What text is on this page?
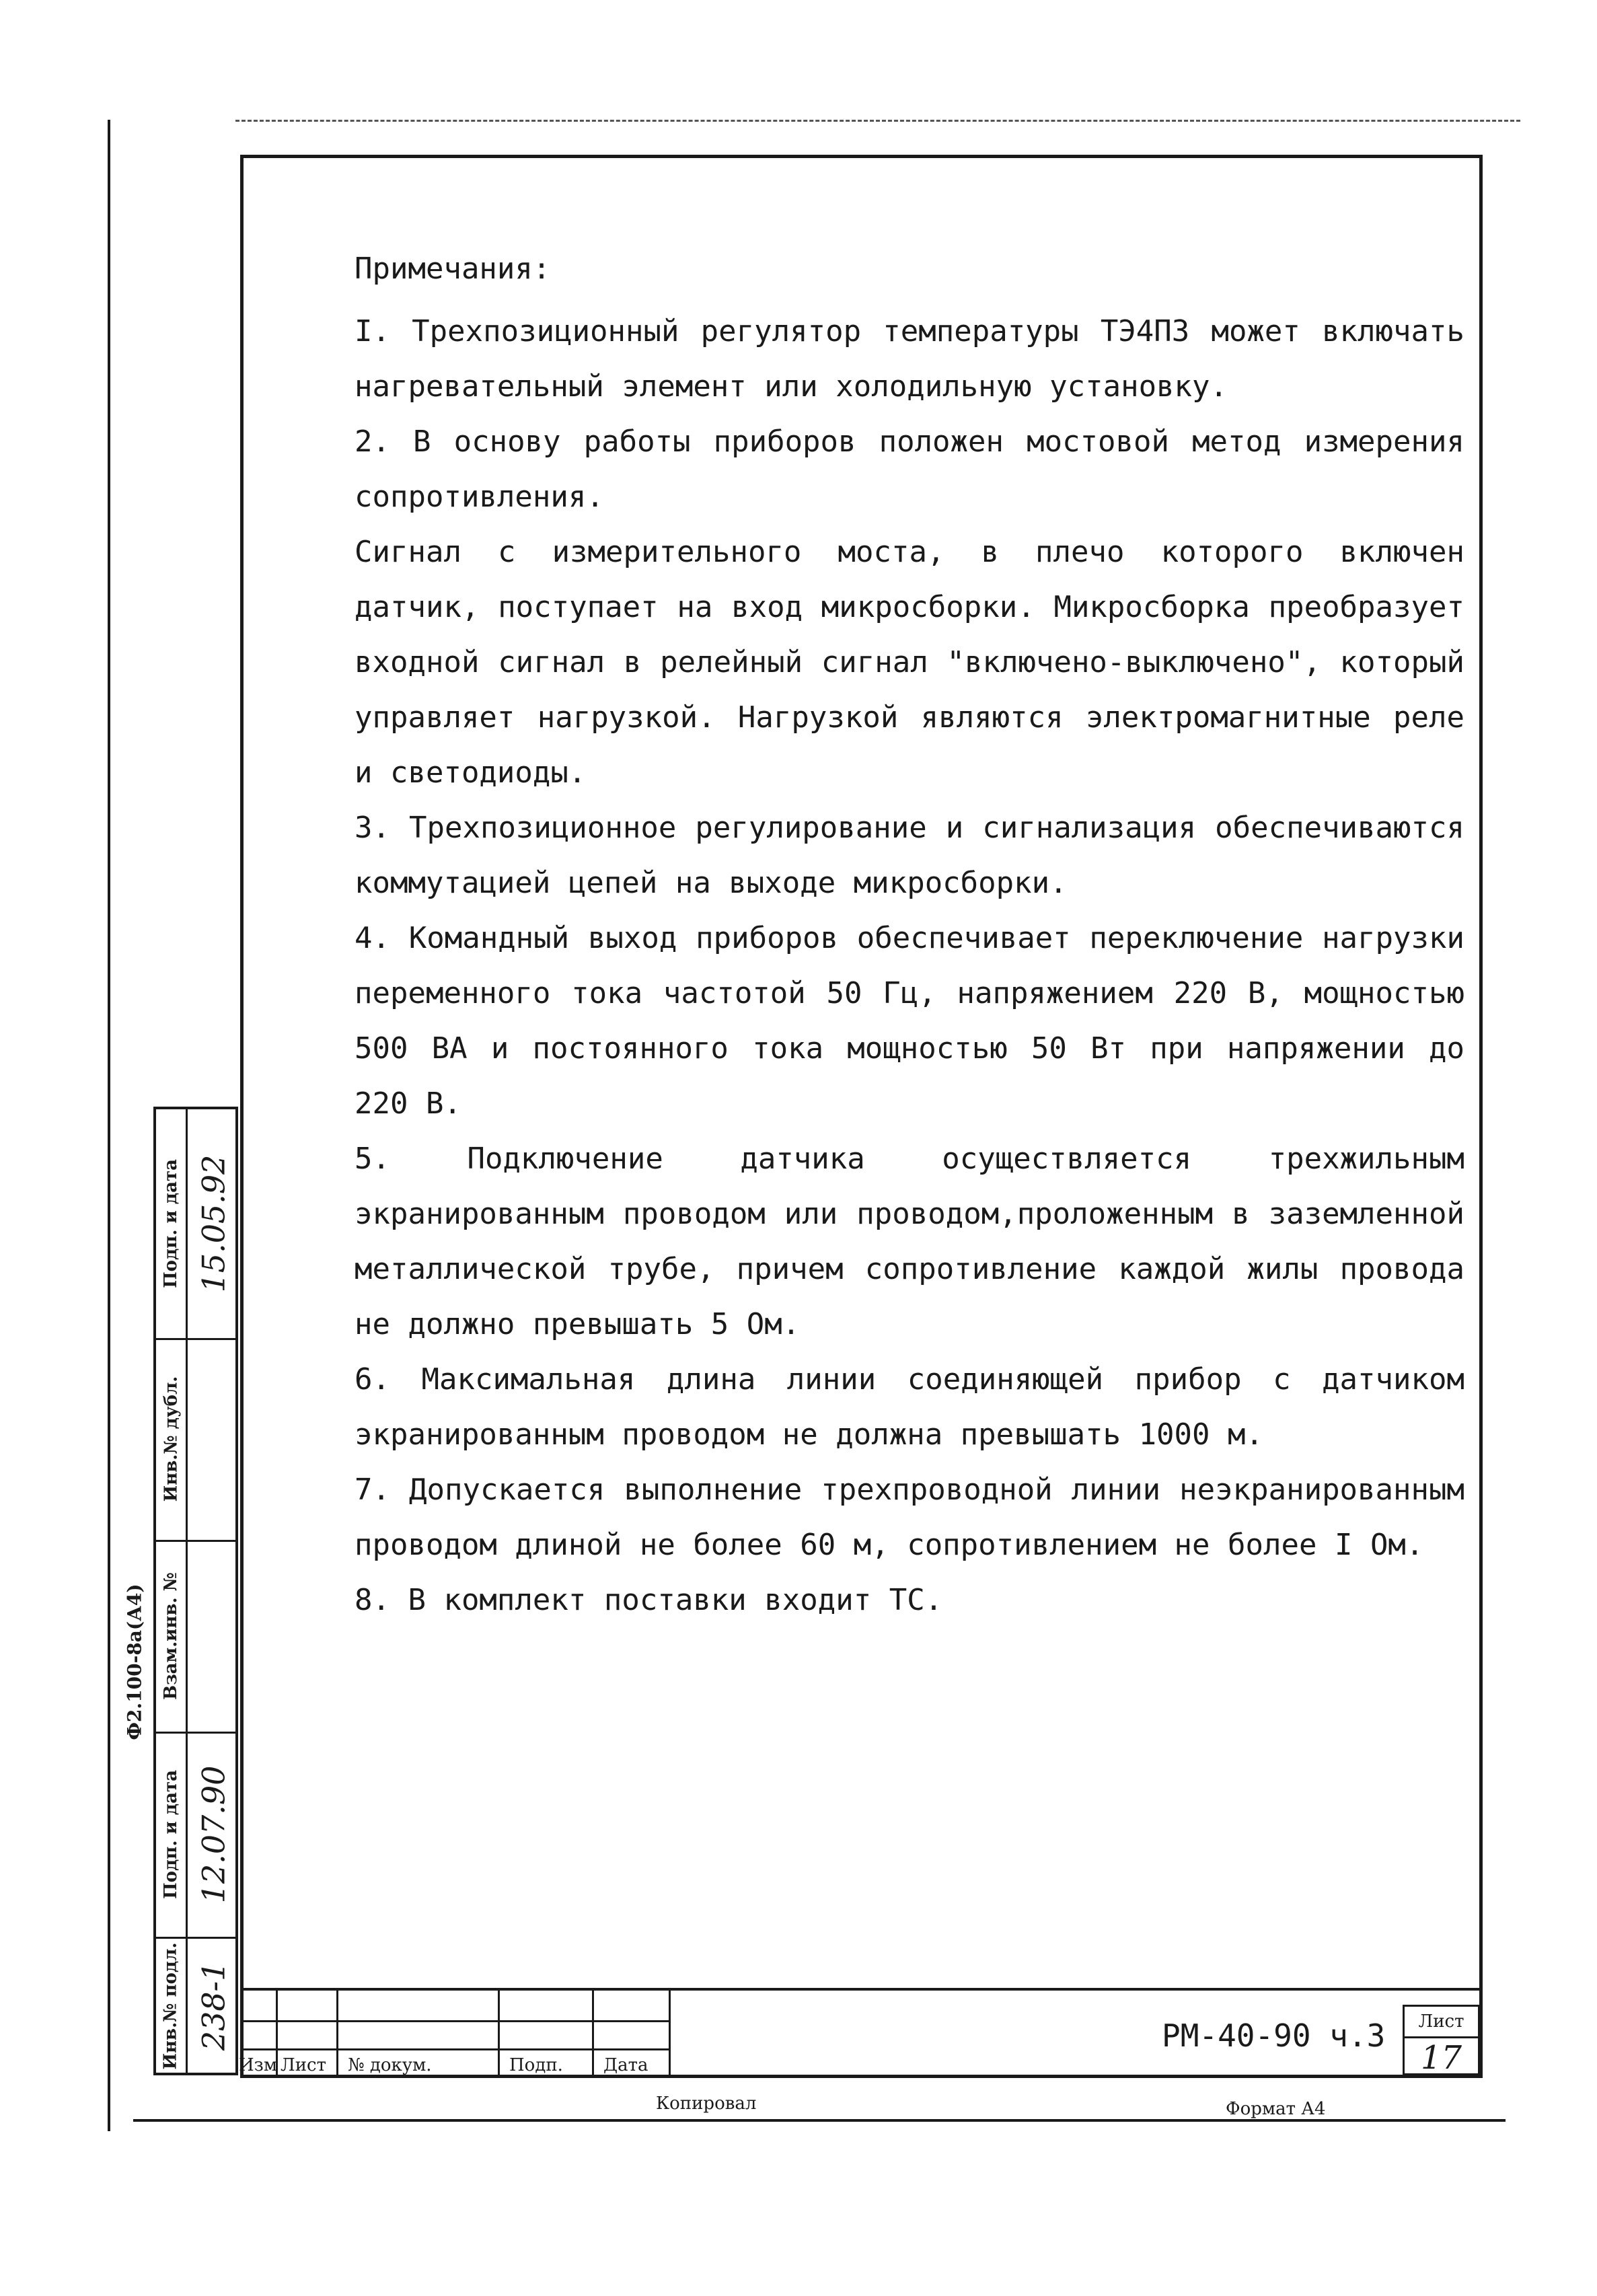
Примечания:

I. Трехпозиционный регулятор температуры ТЭ4ПЗ может включать нагревательный элемент или холодильную установку.

2. В основу работы приборов положен мостовой метод измерения сопротивления.

Сигнал с измерительного моста, в плечо которого включен датчик, поступает на вход микросборки. Микросборка преобразует входной сигнал в релейный сигнал "включено-выключено", который управляет нагрузкой. Нагрузкой являются электромагнитные реле и светодиоды.

3. Трехпозиционное регулирование и сигнализация обеспечиваются коммутацией цепей на выходе микросборки.

4. Командный выход приборов обеспечивает переключение нагрузки переменного тока частотой 50 Гц, напряжением 220 В, мощностью 500 ВА и постоянного тока мощностью 50 Вт при напряжении до 220 В.

5. Подключение датчика осуществляется трехжильным экранированным проводом или проводом,проложенным в заземленной металлической трубе, причем сопротивление каждой жилы провода не должно превышать 5 Ом.

6. Максимальная длина линии соединяющей прибор с датчиком экранированным проводом не должна превышать 1000 м.

7. Допускается выполнение трехпроводной линии неэкранированным проводом длиной не более 60 м, сопротивлением не более I Ом.

8. В комплект поставки входит ТС.

Ф2.100-8а(А4)
Подп. и дата 15.05.92
Инв.№ дубл.
Взам.инв. №
Подп. и дата 12.07.90
Инв.№ подл. 238-1
Изм Лист № докум.	Подп. Дата
РМ-40-90 ч.3	Лист
17
Копировал	Формат А4
